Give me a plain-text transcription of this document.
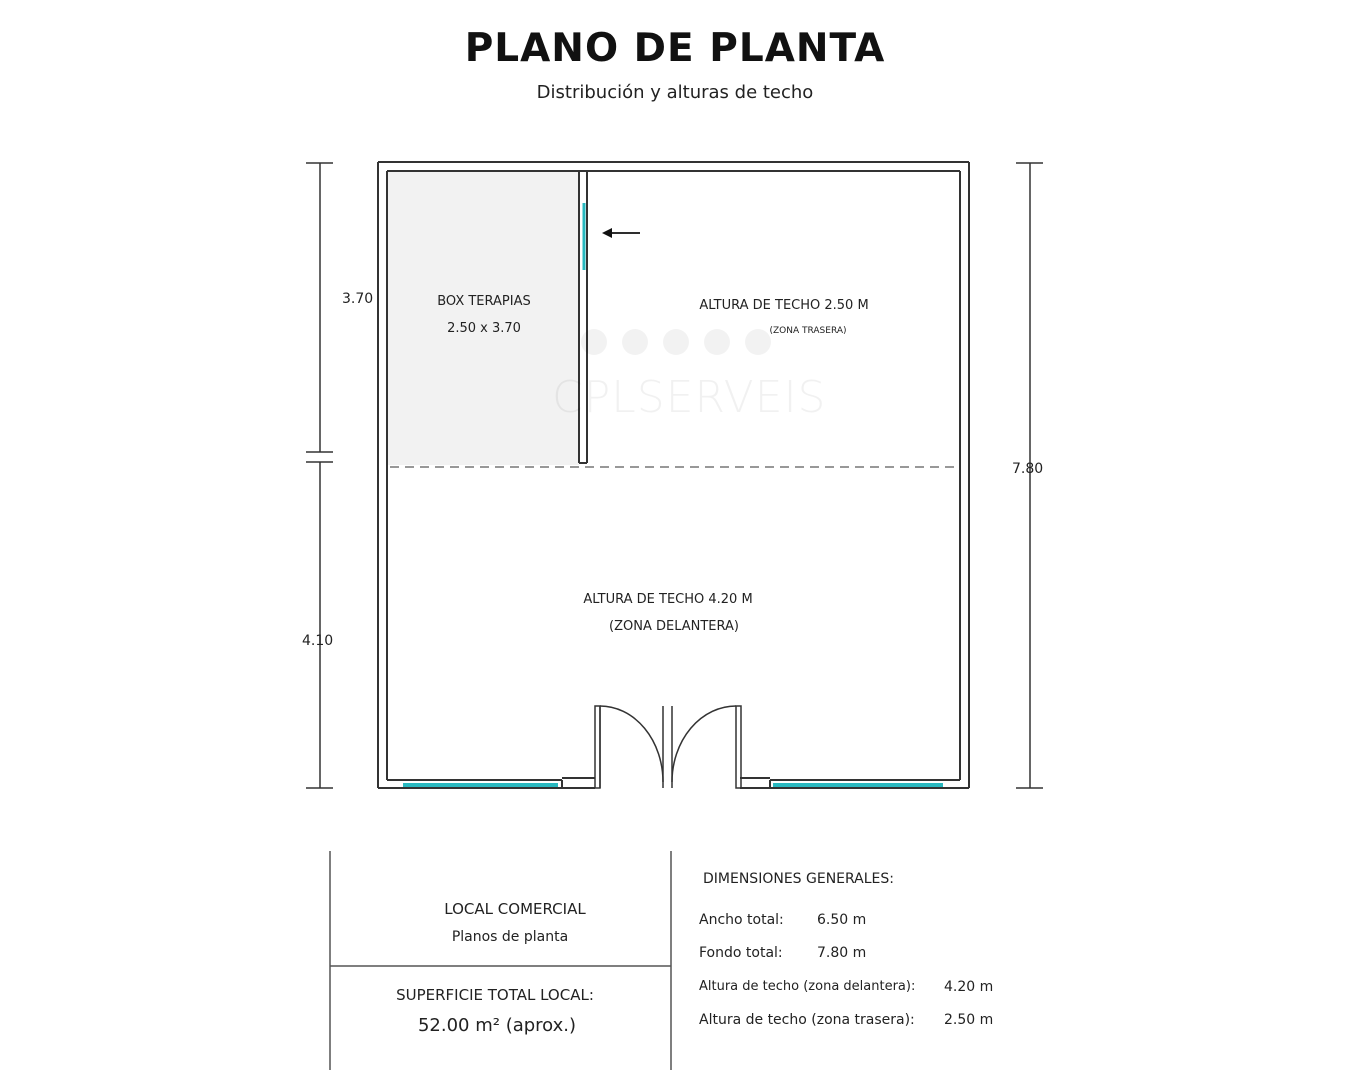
PLANO DE PLANTA
Distribución y alturas de techo
CPLSERVEIS
BOX TERAPIAS
2.50 x 3.70
ALTURA DE TECHO 2.50 M
(ZONA TRASERA)
ALTURA DE TECHO 4.20 M
(ZONA DELANTERA)
3.70
4.10
7.80
LOCAL COMERCIAL
Planos de planta
SUPERFICIE TOTAL LOCAL:
52.00 m² (aprox.)
DIMENSIONES GENERALES:
Ancho total: 6.50 m
Fondo total: 7.80 m
Altura de techo (zona delantera): 4.20 m
Altura de techo (zona trasera): 2.50 m
